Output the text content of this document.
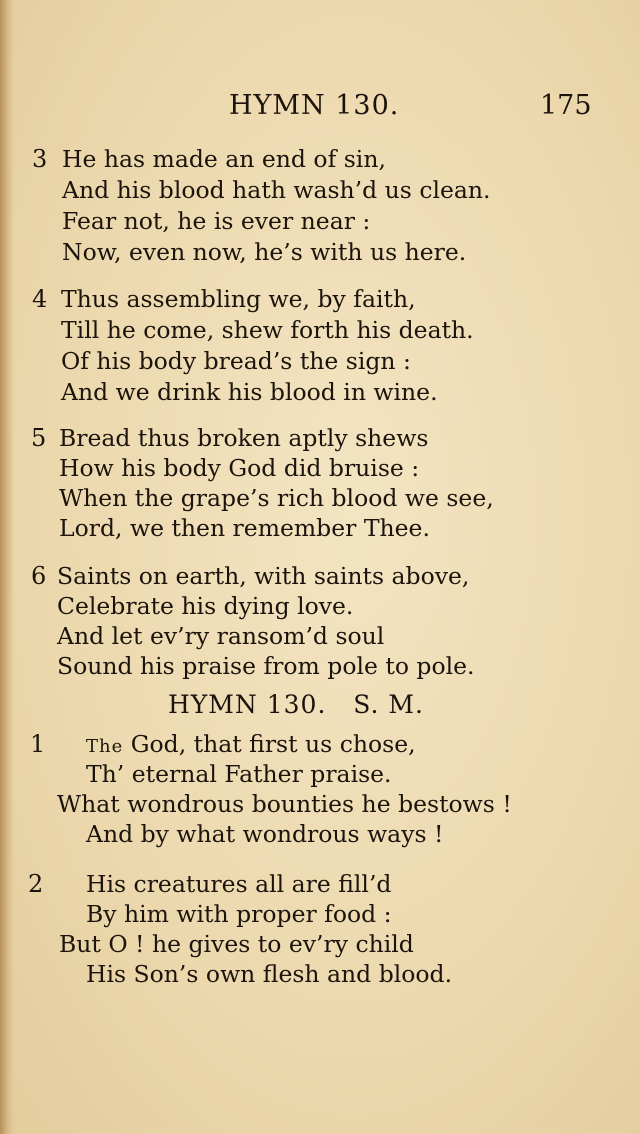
HYMN 130.	175
3 He has made an end of sin,
And his blood hath wash’d us clean.
Fear not, he is ever near :
Now, even now, he’s with us here.
4 Thus assembling we, by faith,
Till he come, shew forth his death.
Of his body bread’s the sign :
And we drink his blood in wine.
5 Bread thus broken aptly shews
How his body God did bruise :
When the grape’s rich blood we see,
Lord, we then remember Thee.
6 Saints on earth, with saints above,
Celebrate his dying love.
And let ev’ry ransom’d soul
Sound his praise from pole to pole.
HYMN 130.   S. M.
1 The God, that first us chose,
Th’ eternal Father praise.
What wondrous bounties he bestows !
And by what wondrous ways !
2 His creatures all are fill’d
By him with proper food :
But O ! he gives to ev’ry child
His Son’s own flesh and blood.
